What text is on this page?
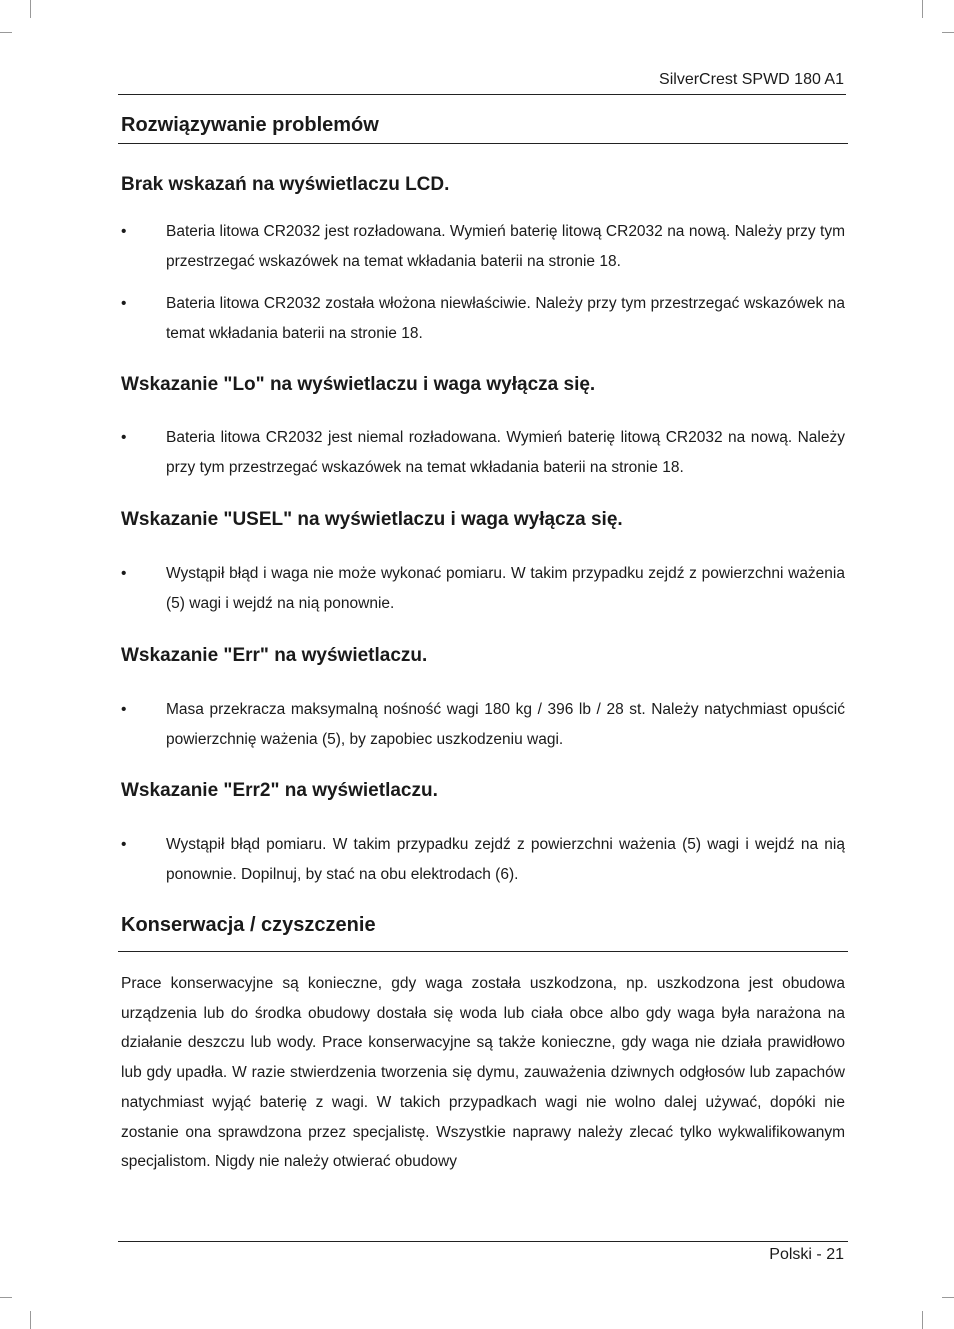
SilverCrest SPWD 180 A1
Rozwiązywanie problemów
Brak wskazań na wyświetlaczu LCD.
•	Bateria litowa CR2032 jest rozładowana. Wymień baterię litową CR2032 na nową. Należy przy tym przestrzegać wskazówek na temat wkładania baterii na stronie 18.
•	Bateria litowa CR2032 została włożona niewłaściwie. Należy przy tym przestrzegać wskazówek na temat wkładania baterii na stronie 18.
Wskazanie "Lo" na wyświetlaczu i waga wyłącza się.
•	Bateria litowa CR2032 jest niemal rozładowana. Wymień baterię litową CR2032 na nową. Należy przy tym przestrzegać wskazówek na temat wkładania baterii na stronie 18.
Wskazanie "USEL" na wyświetlaczu i waga wyłącza się.
•	Wystąpił błąd i waga nie może wykonać pomiaru. W takim przypadku zejdź z powierzchni ważenia (5) wagi i wejdź na nią ponownie.
Wskazanie "Err" na wyświetlaczu.
•	Masa przekracza maksymalną nośność wagi 180 kg / 396 lb / 28 st. Należy natychmiast opuścić powierzchnię ważenia (5), by zapobiec uszkodzeniu wagi.
Wskazanie "Err2" na wyświetlaczu.
•	Wystąpił błąd pomiaru. W takim przypadku zejdź z powierzchni ważenia (5) wagi i wejdź na nią ponownie. Dopilnuj, by stać na obu elektrodach (6).
Konserwacja / czyszczenie
Prace konserwacyjne są konieczne, gdy waga została uszkodzona, np. uszkodzona jest obudowa urządzenia lub do środka obudowy dostała się woda lub ciała obce albo gdy waga była narażona na działanie deszczu lub wody. Prace konserwacyjne są także konieczne, gdy waga nie działa prawidłowo lub gdy upadła. W razie stwierdzenia tworzenia się dymu, zauważenia dziwnych odgłosów lub zapachów natychmiast wyjąć baterię z wagi. W takich przypadkach wagi nie wolno dalej używać, dopóki nie zostanie ona sprawdzona przez specjalistę. Wszystkie naprawy należy zlecać tylko wykwalifikowanym specjalistom. Nigdy nie należy otwierać obudowy
Polski - 21
